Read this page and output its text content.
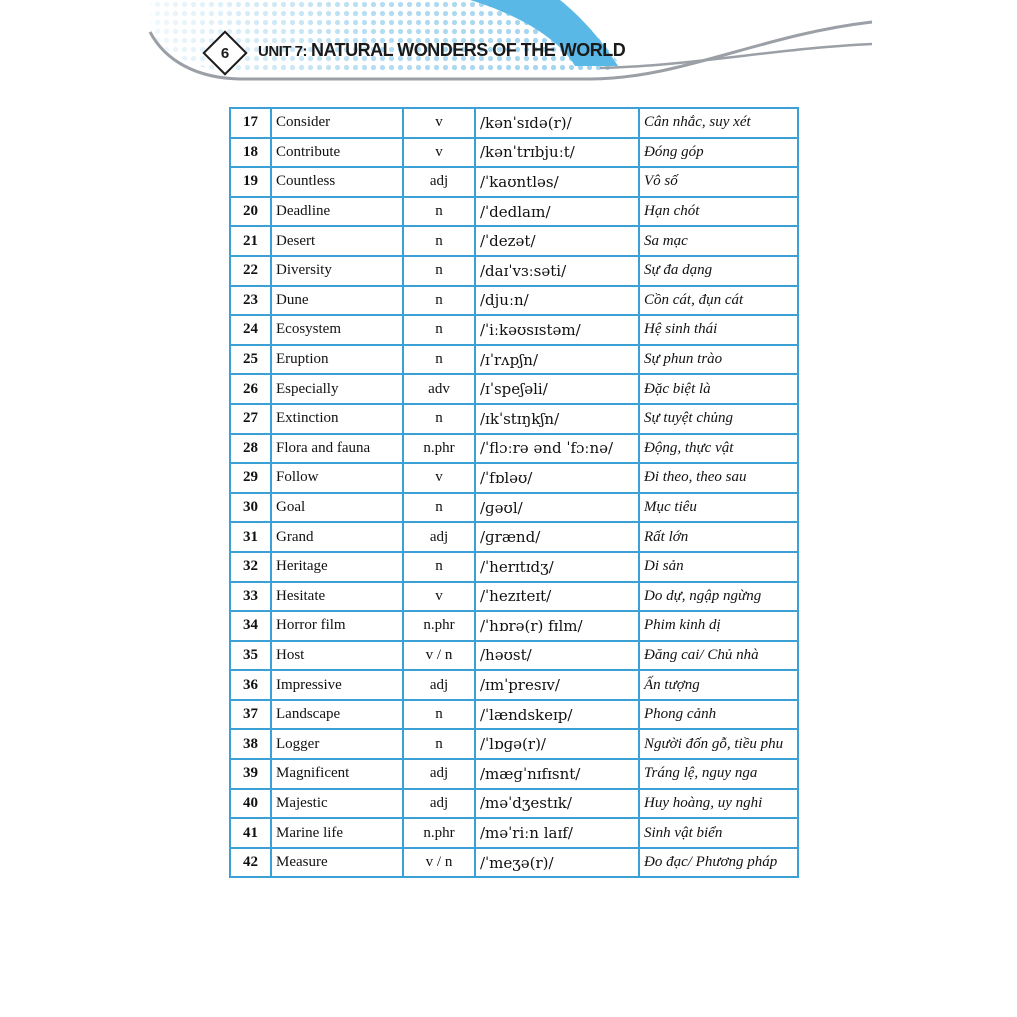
6	UNIT 7: NATURAL WONDERS OF THE WORLD
17	Consider	v	/kənˈsɪdə(r)/	Cân nhắc, suy xét
18	Contribute	v	/kənˈtrɪbjuːt/	Đóng góp
19	Countless	adj	/ˈkaʊntləs/	Vô số
20	Deadline	n	/ˈdedlaɪn/	Hạn chót
21	Desert	n	/ˈdezət/	Sa mạc
22	Diversity	n	/daɪˈvɜːsəti/	Sự đa dạng
23	Dune	n	/djuːn/	Cồn cát, đụn cát
24	Ecosystem	n	/ˈiːkəʊsɪstəm/	Hệ sinh thái
25	Eruption	n	/ɪˈrʌpʃn/	Sự phun trào
26	Especially	adv	/ɪˈspeʃəli/	Đặc biệt là
27	Extinction	n	/ɪkˈstɪŋkʃn/	Sự tuyệt chủng
28	Flora and fauna	n.phr	/ˈflɔːrə ənd ˈfɔːnə/	Động, thực vật
29	Follow	v	/ˈfɒləʊ/	Đi theo, theo sau
30	Goal	n	/ɡəʊl/	Mục tiêu
31	Grand	adj	/ɡrænd/	Rất lớn
32	Heritage	n	/ˈherɪtɪdʒ/	Di sản
33	Hesitate	v	/ˈhezɪteɪt/	Do dự, ngập ngừng
34	Horror film	n.phr	/ˈhɒrə(r) fɪlm/	Phim kinh dị
35	Host	v / n	/həʊst/	Đăng cai/ Chủ nhà
36	Impressive	adj	/ɪmˈpresɪv/	Ấn tượng
37	Landscape	n	/ˈlændskeɪp/	Phong cảnh
38	Logger	n	/ˈlɒɡə(r)/	Người đốn gỗ, tiều phu
39	Magnificent	adj	/mæɡˈnɪfɪsnt/	Tráng lệ, nguy nga
40	Majestic	adj	/məˈdʒestɪk/	Huy hoàng, uy nghi
41	Marine life	n.phr	/məˈriːn laɪf/	Sinh vật biển
42	Measure	v / n	/ˈmeʒə(r)/	Đo đạc/ Phương pháp
